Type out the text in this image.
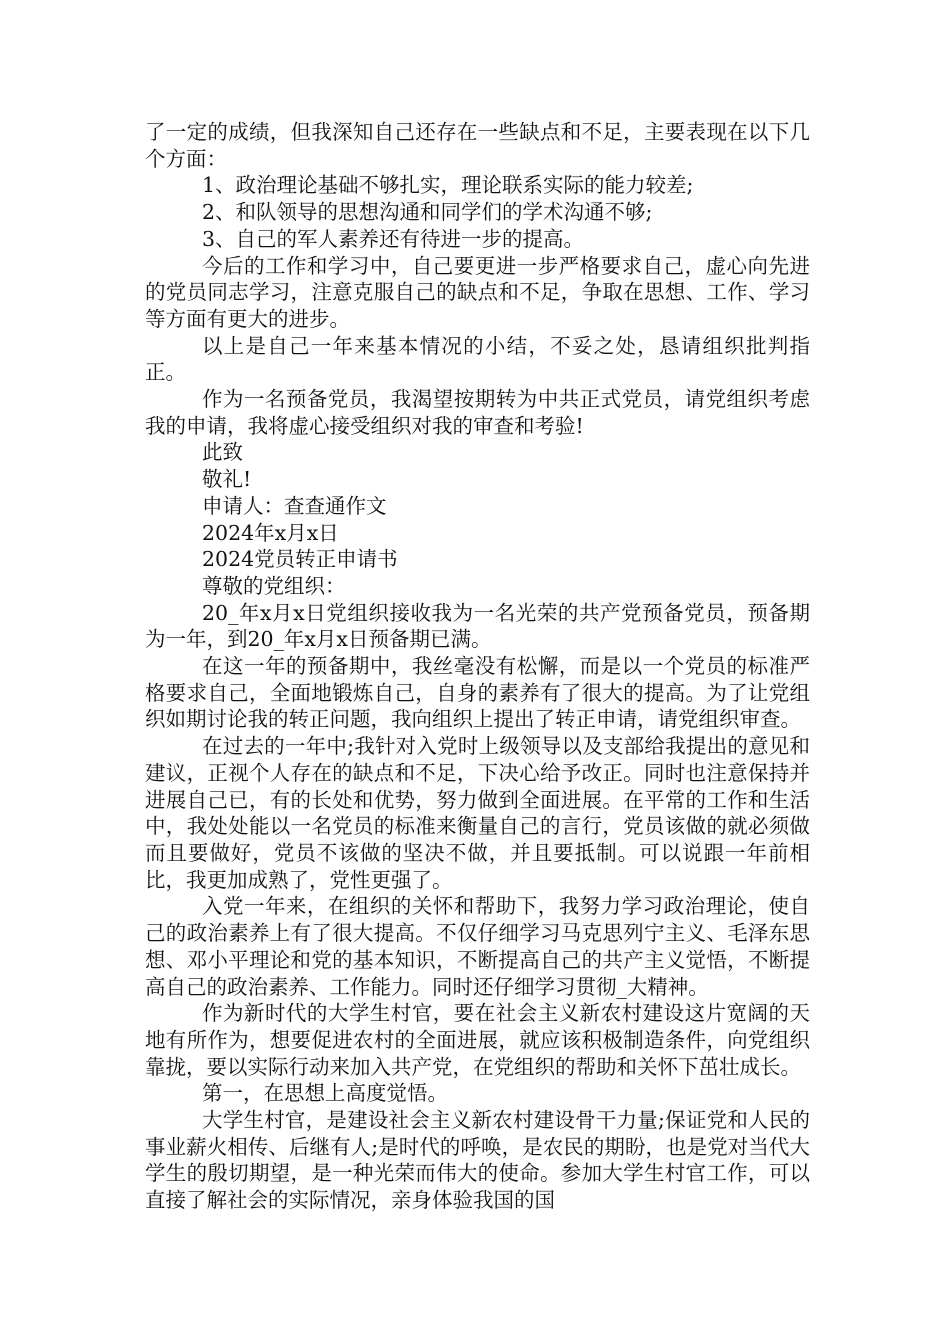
了一定的成绩，但我深知自己还存在一些缺点和不足，主要表现在以下几个方面：

1、政治理论基础不够扎实，理论联系实际的能力较差;

2、和队领导的思想沟通和同学们的学术沟通不够;

3、自己的军人素养还有待进一步的提高。

今后的工作和学习中，自己要更进一步严格要求自己，虚心向先进的党员同志学习，注意克服自己的缺点和不足，争取在思想、工作、学习等方面有更大的进步。

以上是自己一年来基本情况的小结，不妥之处，恳请组织批判指正。

作为一名预备党员，我渴望按期转为中共正式党员，请党组织考虑我的申请，我将虚心接受组织对我的审查和考验!

此致

敬礼!

申请人：查查通作文

2024年x月x日

2024党员转正申请书

尊敬的党组织：

20_年x月x日党组织接收我为一名光荣的共产党预备党员，预备期为一年，到20_年x月x日预备期已满。

在这一年的预备期中，我丝毫没有松懈，而是以一个党员的标准严格要求自己，全面地锻炼自己，自身的素养有了很大的提高。为了让党组织如期讨论我的转正问题，我向组织上提出了转正申请，请党组织审查。

在过去的一年中;我针对入党时上级领导以及支部给我提出的意见和建议，正视个人存在的缺点和不足，下决心给予改正。同时也注意保持并进展自己已，有的长处和优势，努力做到全面进展。在平常的工作和生活中，我处处能以一名党员的标准来衡量自己的言行，党员该做的就必须做而且要做好，党员不该做的坚决不做，并且要抵制。可以说跟一年前相比，我更加成熟了，党性更强了。

入党一年来，在组织的关怀和帮助下，我努力学习政治理论，使自己的政治素养上有了很大提高。不仅仔细学习马克思列宁主义、毛泽东思想、邓小平理论和党的基本知识，不断提高自己的共产主义觉悟，不断提高自己的政治素养、工作能力。同时还仔细学习贯彻_大精神。

作为新时代的大学生村官，要在社会主义新农村建设这片宽阔的天地有所作为，想要促进农村的全面进展，就应该积极制造条件，向党组织靠拢，要以实际行动来加入共产党，在党组织的帮助和关怀下茁壮成长。

第一，在思想上高度觉悟。

大学生村官，是建设社会主义新农村建设骨干力量;保证党和人民的事业薪火相传、后继有人;是时代的呼唤，是农民的期盼，也是党对当代大学生的殷切期望，是一种光荣而伟大的使命。参加大学生村官工作，可以直接了解社会的实际情况，亲身体验我国的国
